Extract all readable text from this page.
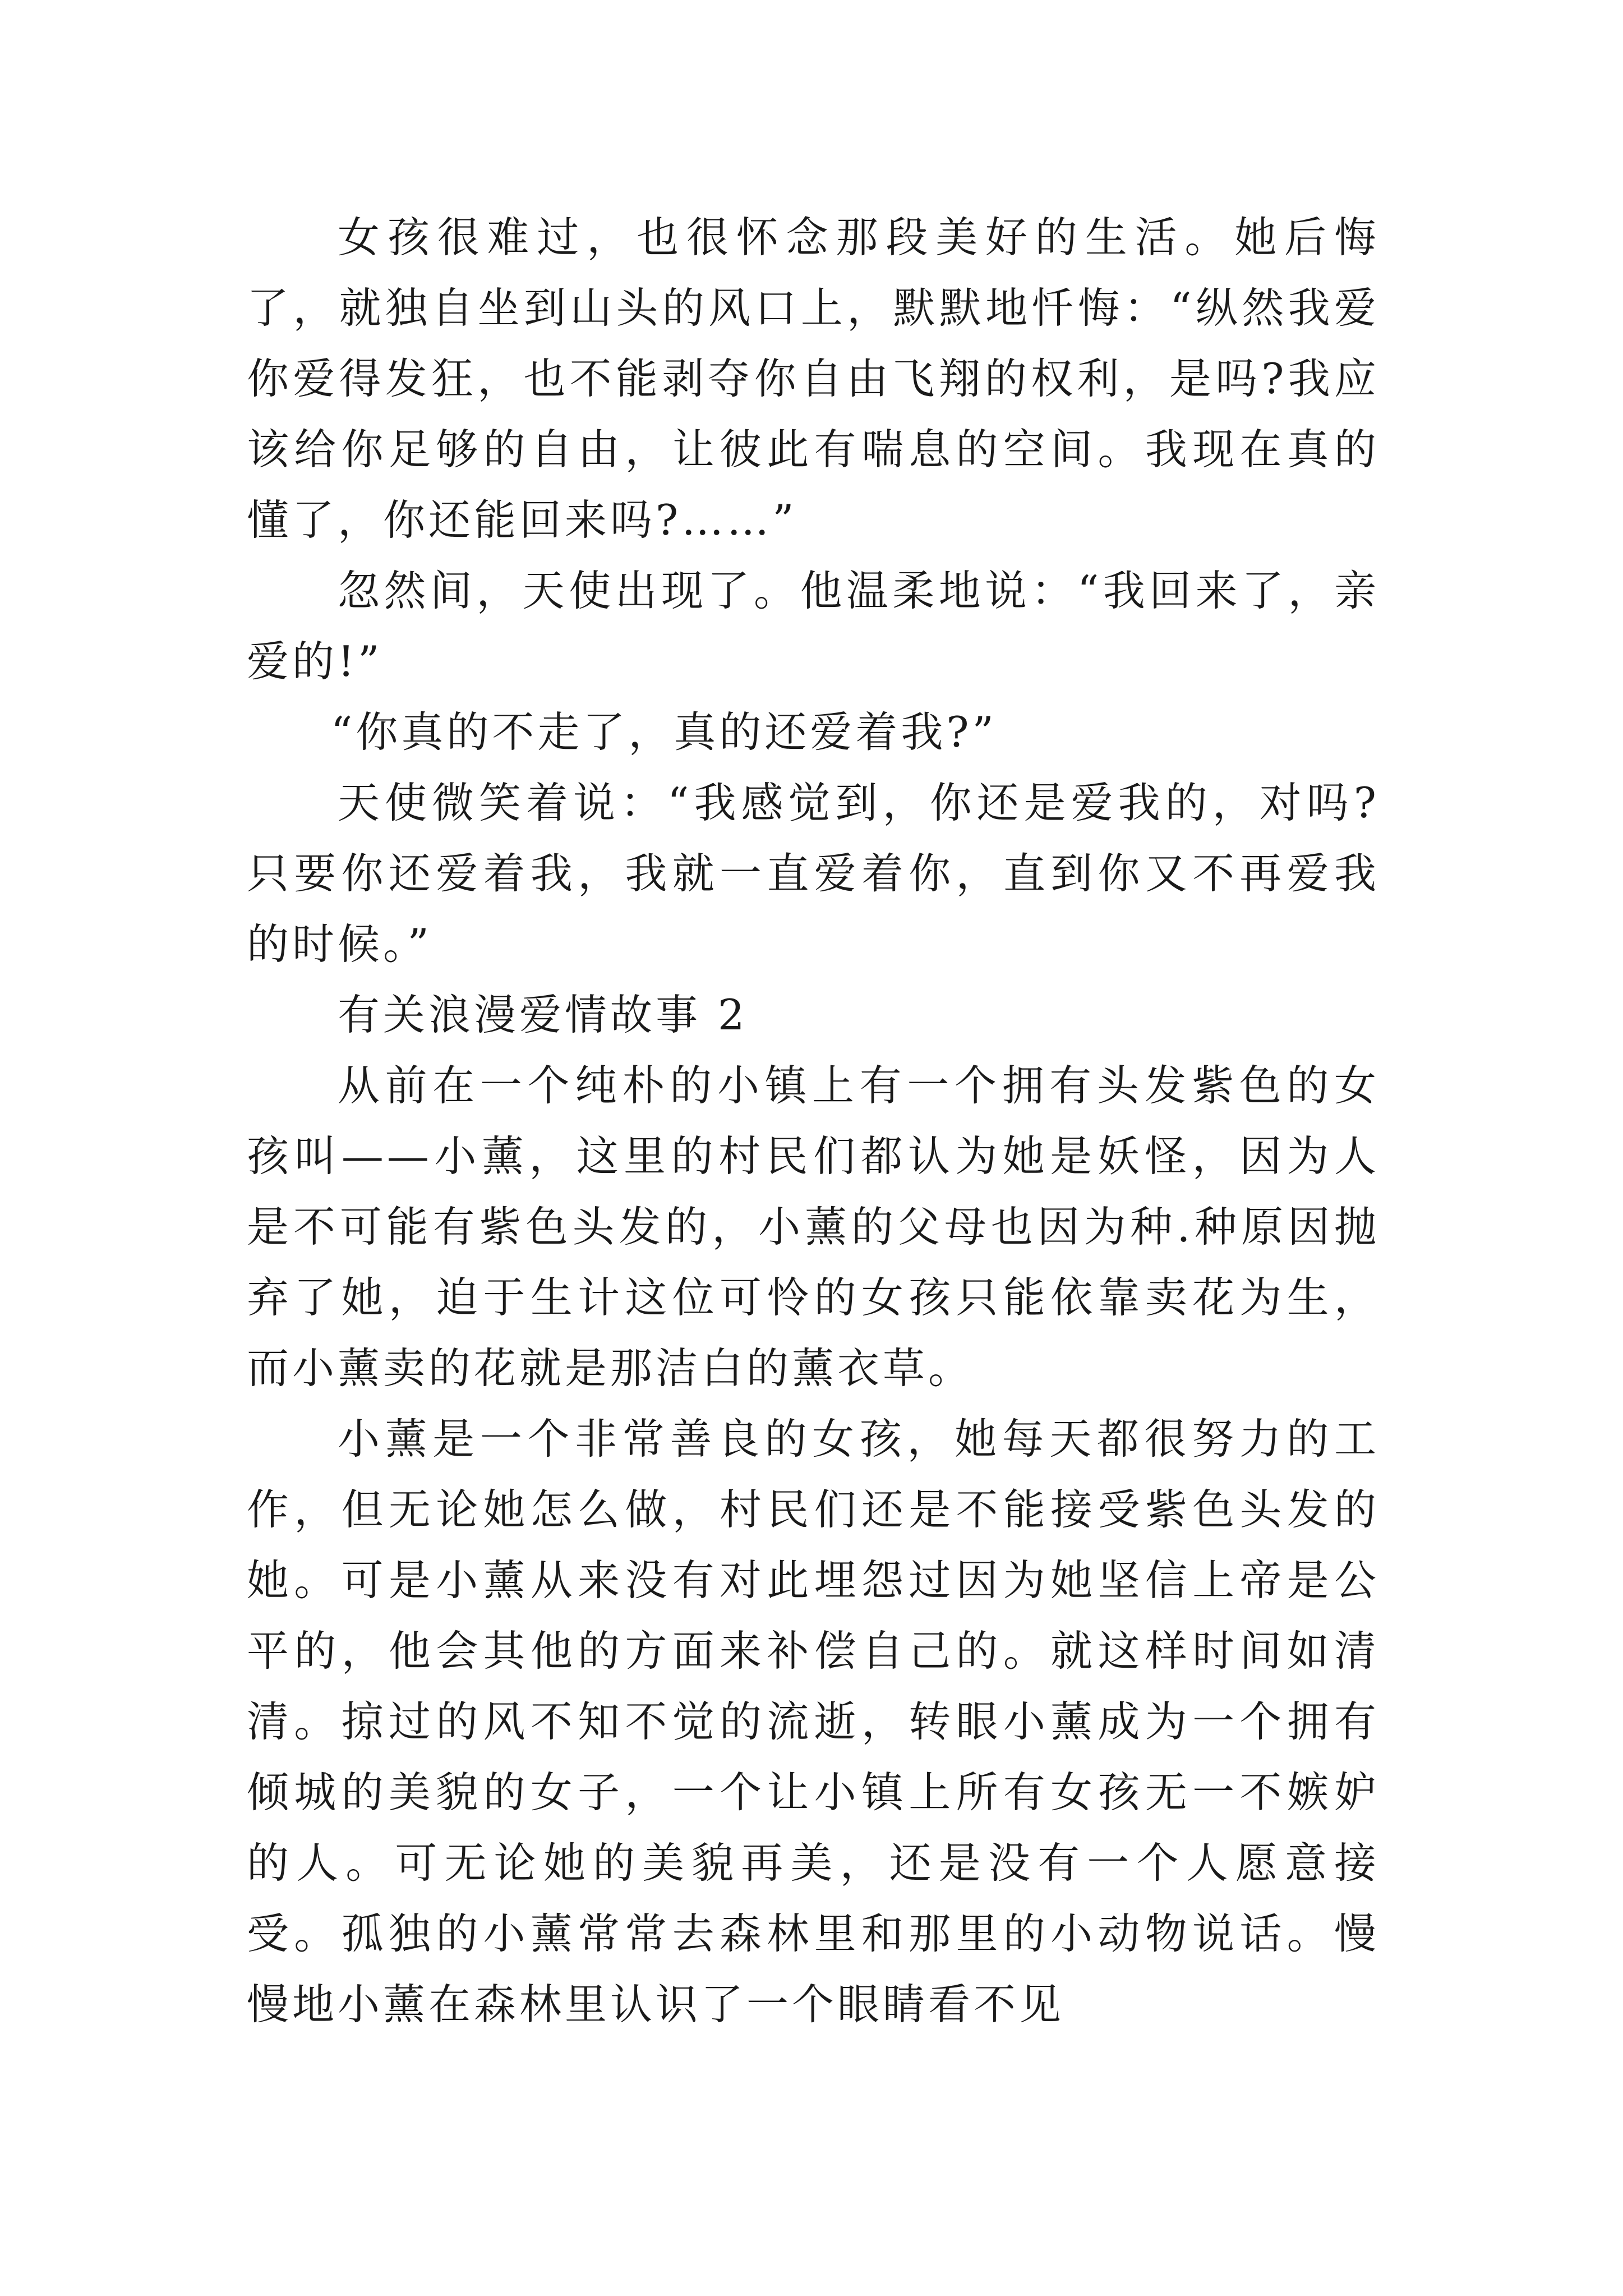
女孩很难过，也很怀念那段美好的生活。她后悔了，就独自坐到山头的风口上，默默地忏悔：“纵然我爱你爱得发狂，也不能剥夺你自由飞翔的权利，是吗?我应该给你足够的自由，让彼此有喘息的空间。我现在真的懂了，你还能回来吗?……”

忽然间，天使出现了。他温柔地说：“我回来了，亲爱的!”

“你真的不走了，真的还爱着我?”

天使微笑着说：“我感觉到，你还是爱我的，对吗?只要你还爱着我，我就一直爱着你，直到你又不再爱我的时候。”

有关浪漫爱情故事 2

从前在一个纯朴的小镇上有一个拥有头发紫色的女孩叫——小薰，这里的村民们都认为她是妖怪，因为人是不可能有紫色头发的，小薰的父母也因为种.种原因抛弃了她，迫于生计这位可怜的女孩只能依靠卖花为生，而小薰卖的花就是那洁白的薰衣草。

小薰是一个非常善良的女孩，她每天都很努力的工作，但无论她怎么做，村民们还是不能接受紫色头发的她。可是小薰从来没有对此埋怨过因为她坚信上帝是公平的，他会其他的方面来补偿自己的。就这样时间如清清。掠过的风不知不觉的流逝，转眼小薰成为一个拥有倾城的美貌的女子，一个让小镇上所有女孩无一不嫉妒的人。可无论她的美貌再美，还是没有一个人愿意接受。孤独的小薰常常去森林里和那里的小动物说话。慢慢地小薰在森林里认识了一个眼睛看不见
